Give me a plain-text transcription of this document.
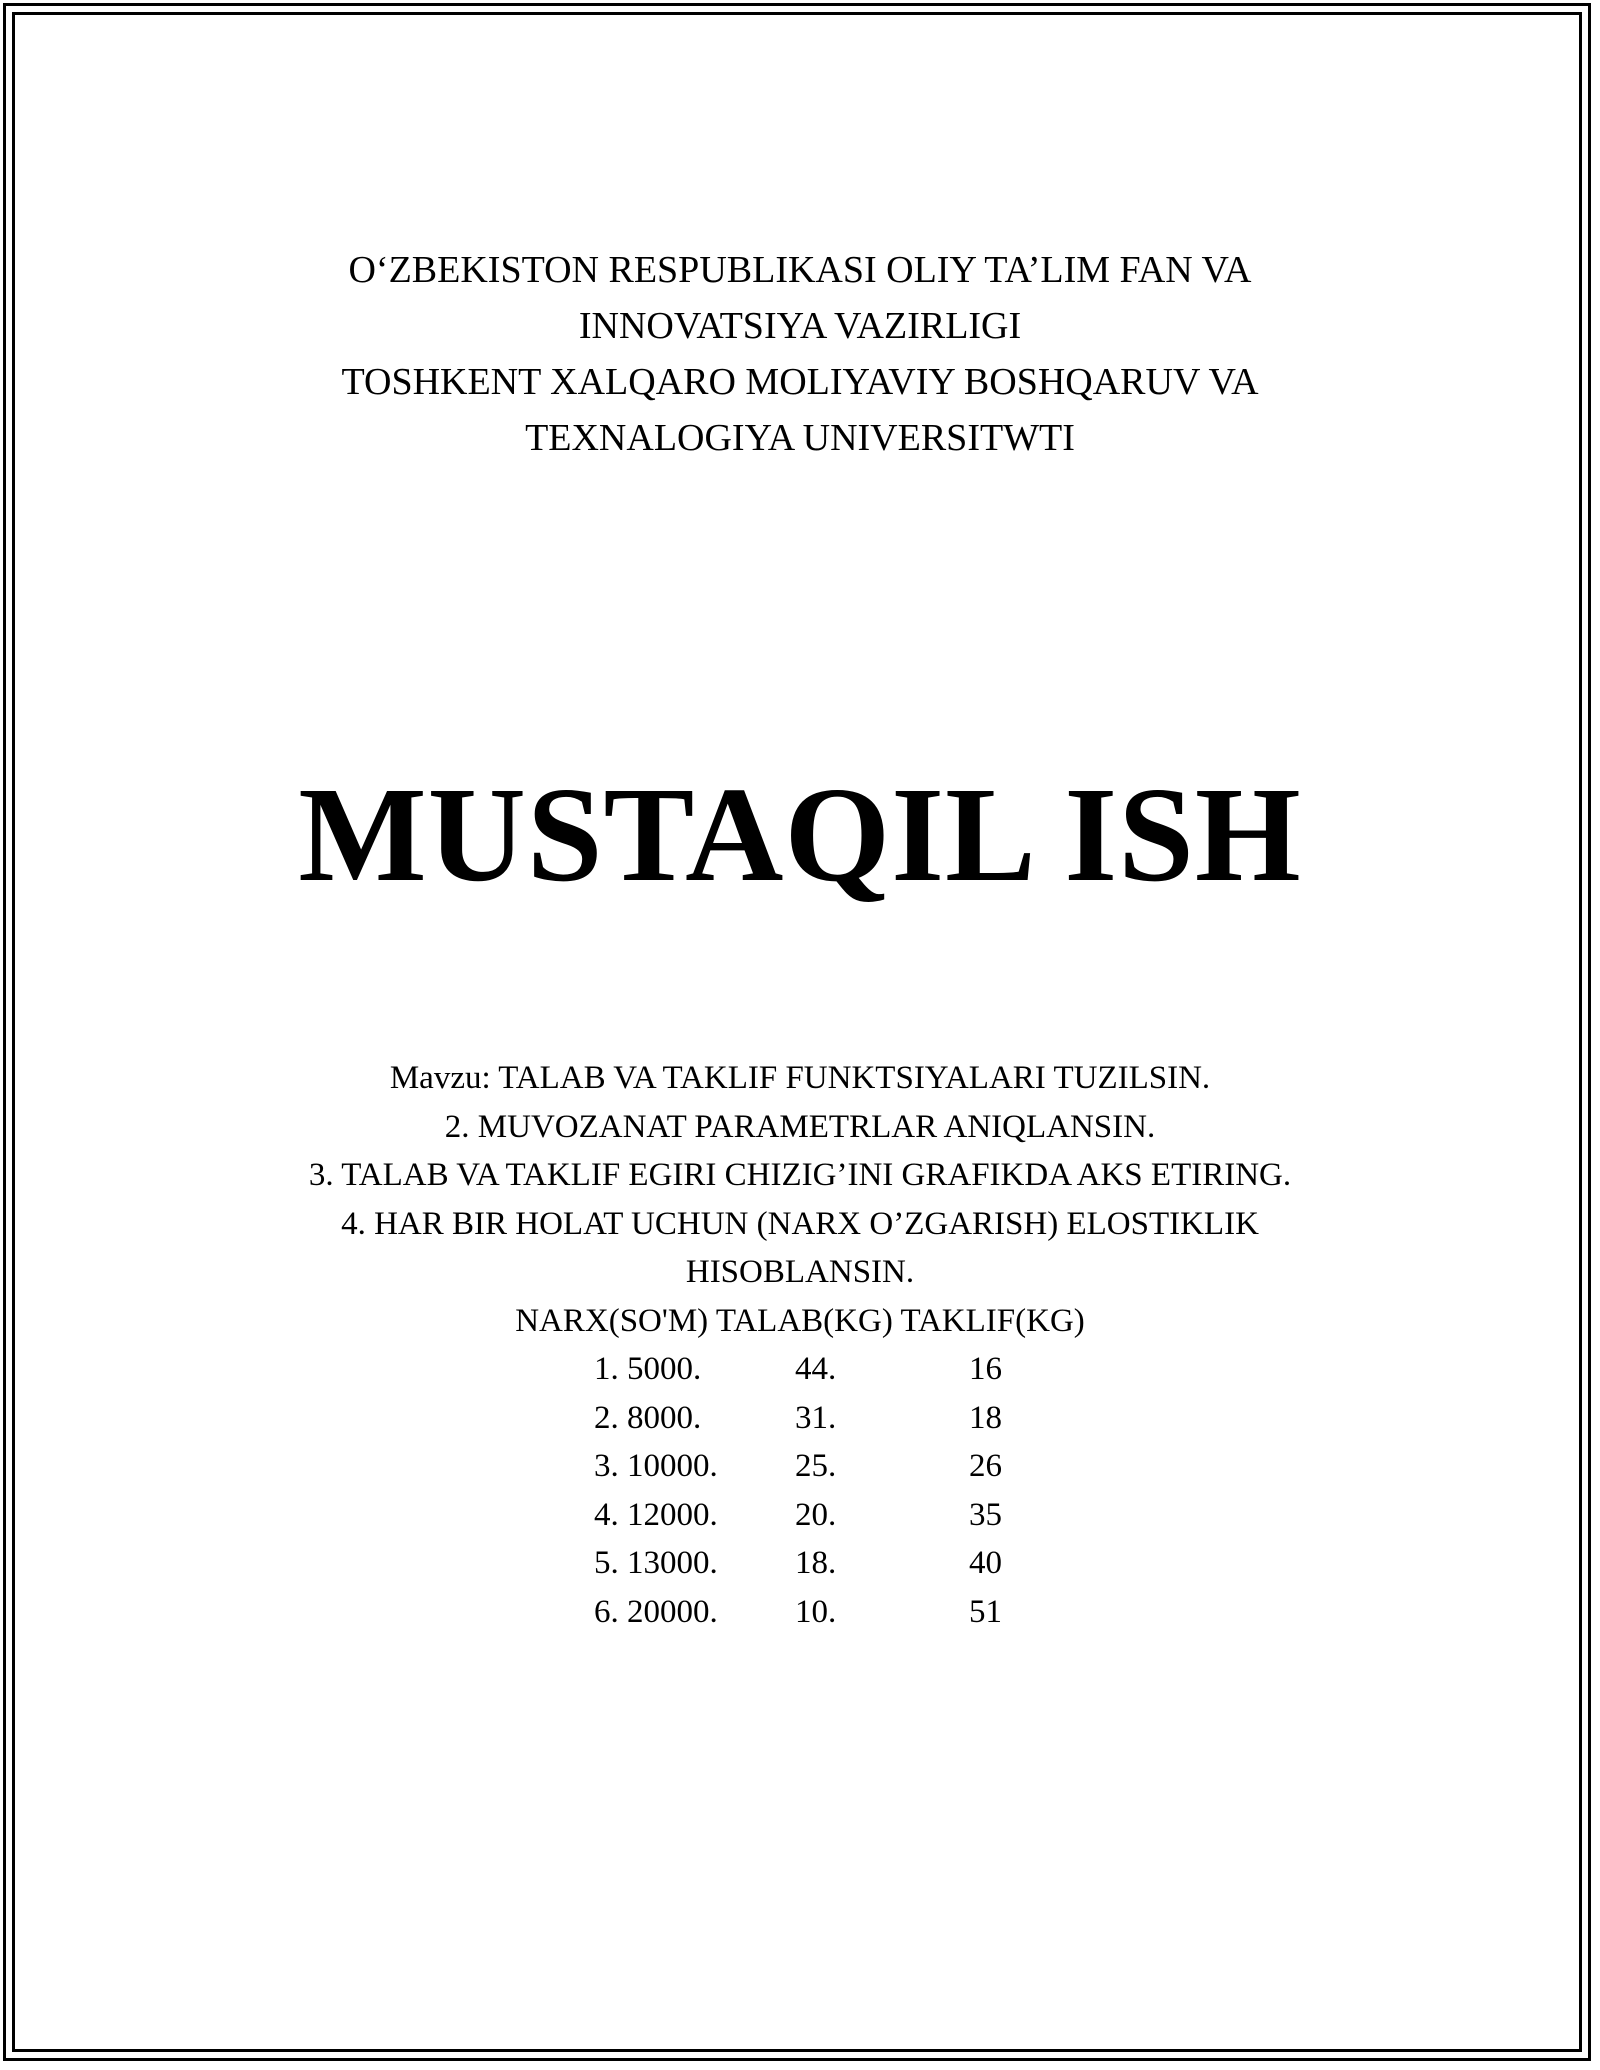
O‘ZBEKISTON RESPUBLIKASI OLIY TA’LIM FAN VA
INNOVATSIYA VAZIRLIGI
TOSHKENT XALQARO MOLIYAVIY BOSHQARUV VA
TEXNALOGIYA UNIVERSITWTI
MUSTAQIL ISH
Mavzu: TALAB VA TAKLIF FUNKTSIYALARI TUZILSIN.
2. MUVOZANAT PARAMETRLAR ANIQLANSIN.
3. TALAB VA TAKLIF EGIRI CHIZIG’INI GRAFIKDA AKS ETIRING.
4. HAR BIR HOLAT UCHUN (NARX O’ZGARISH) ELOSTIKLIK
HISOBLANSIN.
NARX(SO'M) TALAB(KG) TAKLIF(KG)
1. 5000.	44.	16
2. 8000.	31.	18
3. 10000. 25.	26
4. 12000. 20.	35
5. 13000. 18.	40
6. 20000. 10.	51
